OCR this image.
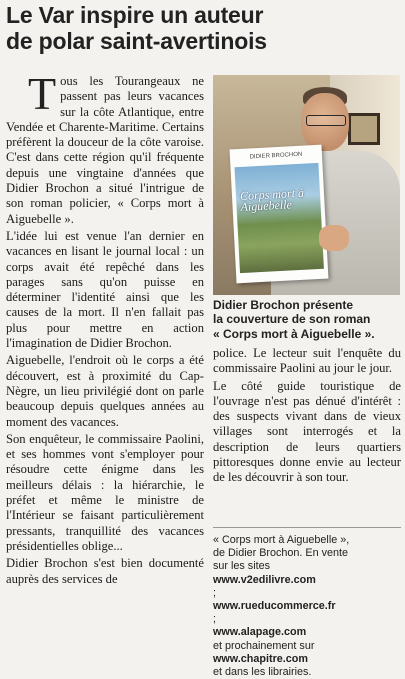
Le Var inspire un auteur
de polar saint-avertinois

Tous les Tourangeaux ne passent pas leurs vacances sur la côte Atlantique, entre Vendée et Charente-Maritime. Certains préfèrent la douceur de la côte varoise. C'est dans cette région qu'il fréquente depuis une vingtaine d'années que Didier Brochon a situé l'intrigue de son roman policier, « Corps mort à Aiguebelle ».

L'idée lui est venue l'an dernier en vacances en lisant le journal local : un corps avait été repêché dans les parages sans qu'on puisse en déterminer l'identité ainsi que les causes de la mort. Il n'en fallait pas plus pour mettre en action l'imagination de Didier Brochon.

Aiguebelle, l'endroit où le corps a été découvert, est à proximité du Cap-Nègre, un lieu privilégié dont on parle beaucoup depuis quelques années au moment des vacances.

Son enquêteur, le commissaire Paolini, et ses hommes vont s'employer pour résoudre cette énigme dans les meilleurs délais : la hiérarchie, le préfet et même le ministre de l'Intérieur se faisant particulièrement pressants, tranquillité des vacances présidentielles oblige...

Didier Brochon s'est bien documenté auprès des services de

DIDIER BROCHON
Corps mort à Aiguebelle

Didier Brochon présente
la couverture de son roman
« Corps mort à Aiguebelle ».

police. Le lecteur suit l'enquête du commissaire Paolini au jour le jour.

Le côté guide touristique de l'ouvrage n'est pas dénué d'intérêt : des suspects vivant dans de vieux villages sont interrogés et la description de leurs quartiers pittoresques donne envie au lecteur de les découvrir à son tour.

« Corps mort à Aiguebelle »,
de Didier Brochon. En vente
sur les sites
www.v2edilivre.com
;
www.rueducommerce.fr
;
www.alapage.com
et prochainement sur
www.chapitre.com
et dans les librairies.
